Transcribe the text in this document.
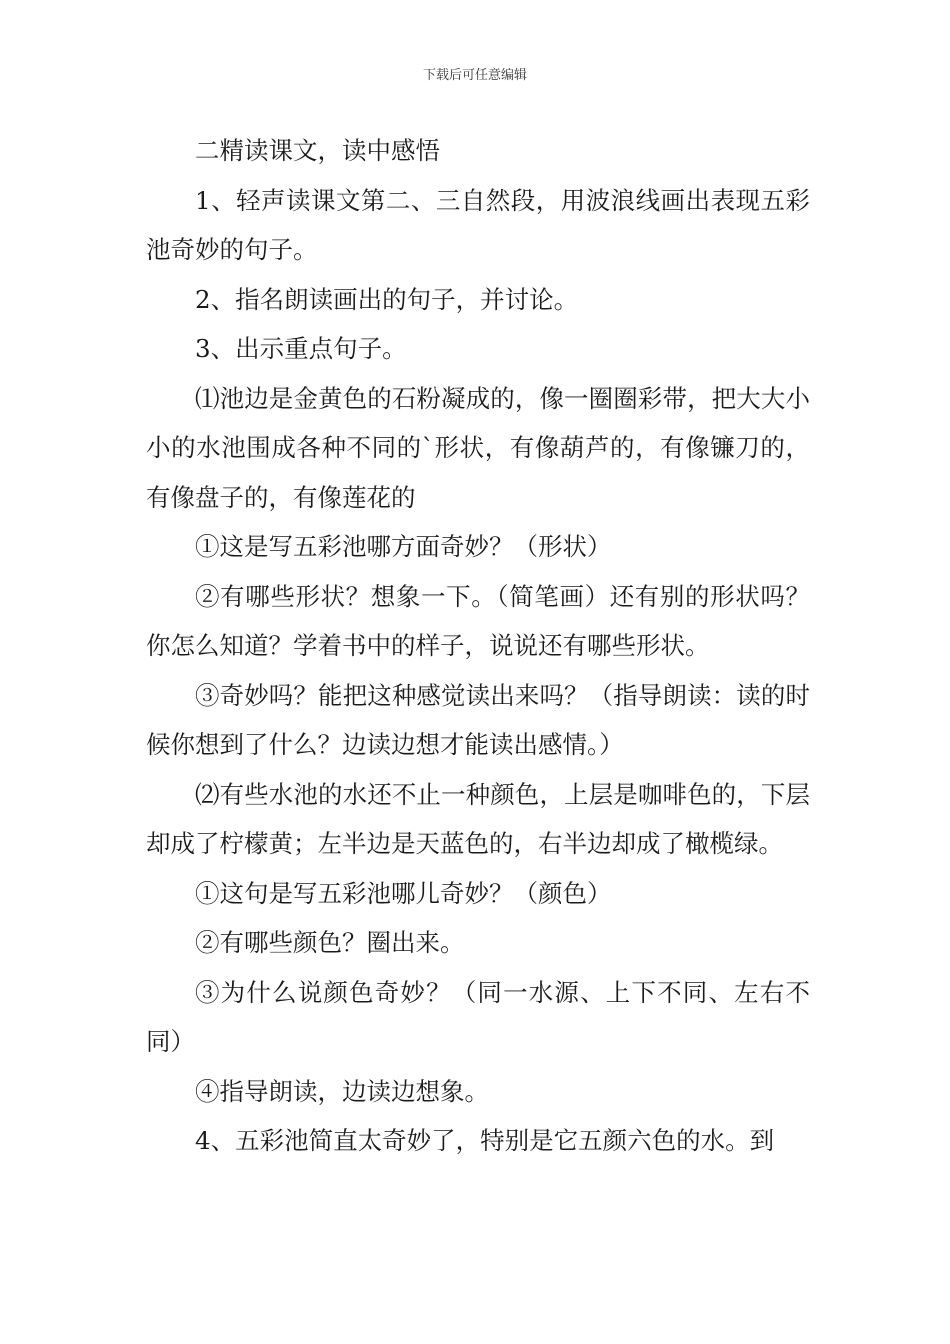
下载后可任意编辑

二精读课文，读中感悟

1、轻声读课文第二、三自然段，用波浪线画出表现五彩池奇妙的句子。

2、指名朗读画出的句子，并讨论。

3、出示重点句子。

⑴池边是金黄色的石粉凝成的，像一圈圈彩带，把大大小小的水池围成各种不同的`形状，有像葫芦的，有像镰刀的，有像盘子的，有像莲花的

①这是写五彩池哪方面奇妙？（形状）

②有哪些形状？想象一下。（简笔画）还有别的形状吗？你怎么知道？学着书中的样子，说说还有哪些形状。

③奇妙吗？能把这种感觉读出来吗？（指导朗读：读的时候你想到了什么？边读边想才能读出感情。）

⑵有些水池的水还不止一种颜色，上层是咖啡色的，下层却成了柠檬黄；左半边是天蓝色的，右半边却成了橄榄绿。

①这句是写五彩池哪儿奇妙？（颜色）

②有哪些颜色？圈出来。

③为什么说颜色奇妙？（同一水源、上下不同、左右不同）

④指导朗读，边读边想象。

4、五彩池简直太奇妙了，特别是它五颜六色的水。到
